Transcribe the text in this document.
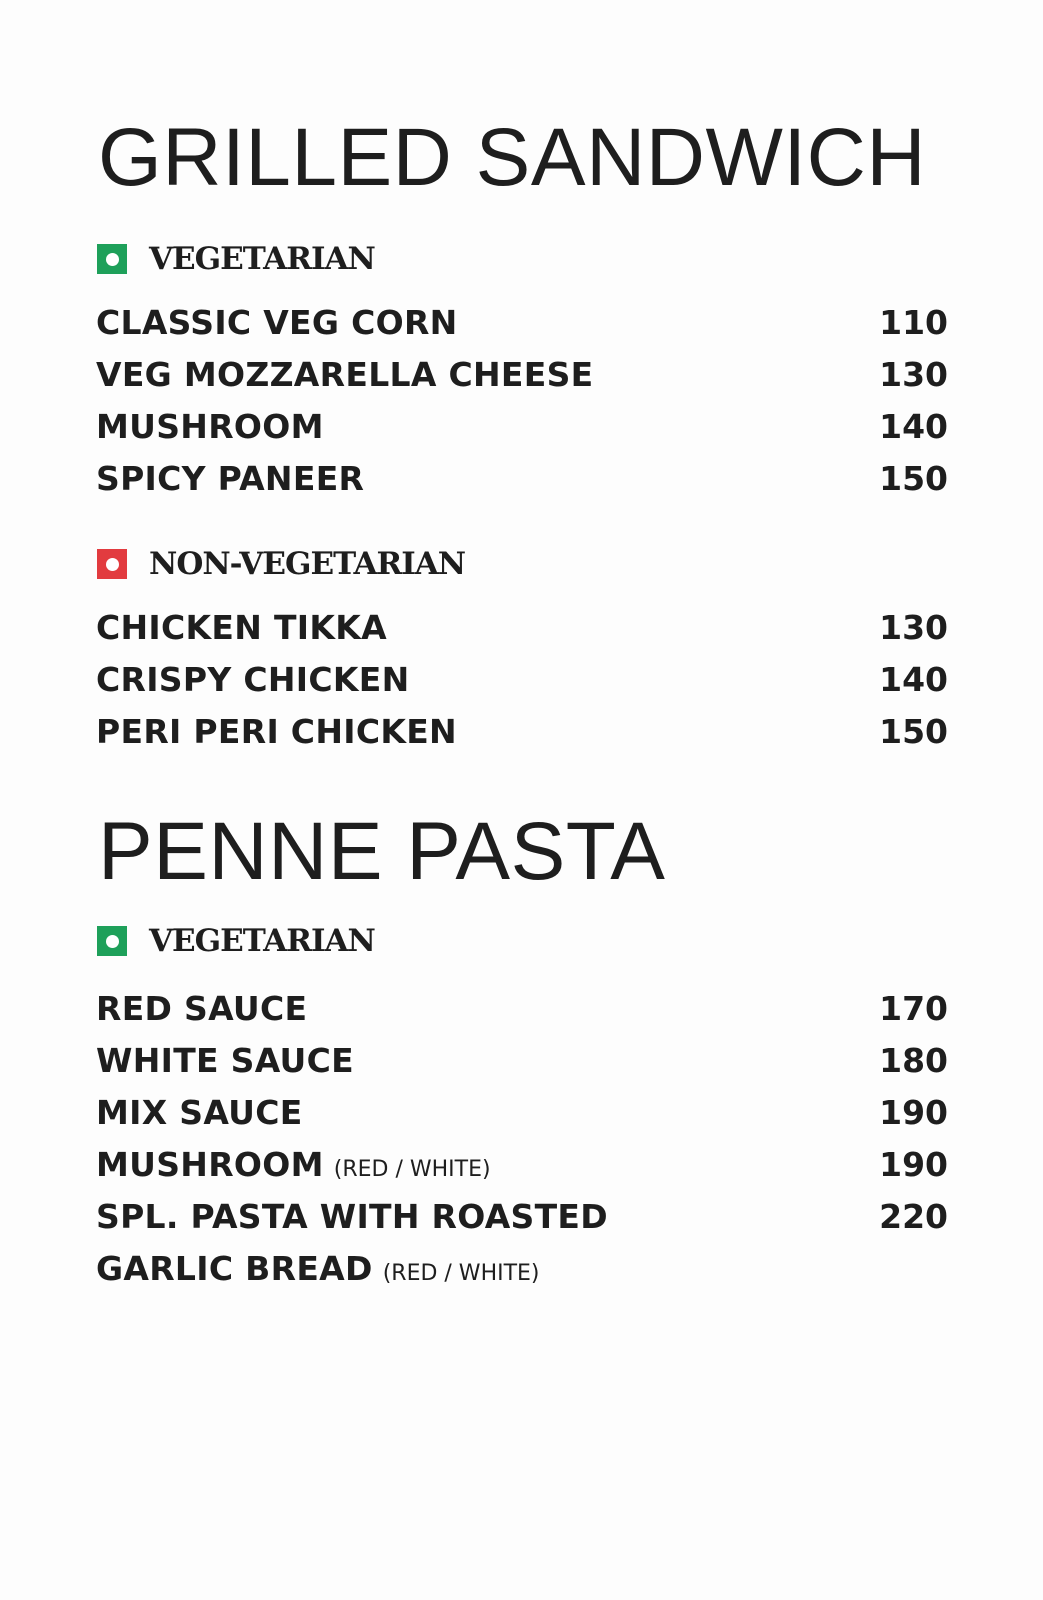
GRILLED SANDWICH
VEGETARIAN
CLASSIC VEG CORN	110
VEG MOZZARELLA CHEESE	130
MUSHROOM	140
SPICY PANEER	150
NON-VEGETARIAN
CHICKEN TIKKA	130
CRISPY CHICKEN	140
PERI PERI CHICKEN	150
PENNE PASTA
VEGETARIAN
RED SAUCE	170
WHITE SAUCE	180
MIX SAUCE	190
MUSHROOM (RED / WHITE)	190
SPL. PASTA WITH ROASTED	220
GARLIC BREAD (RED / WHITE)
